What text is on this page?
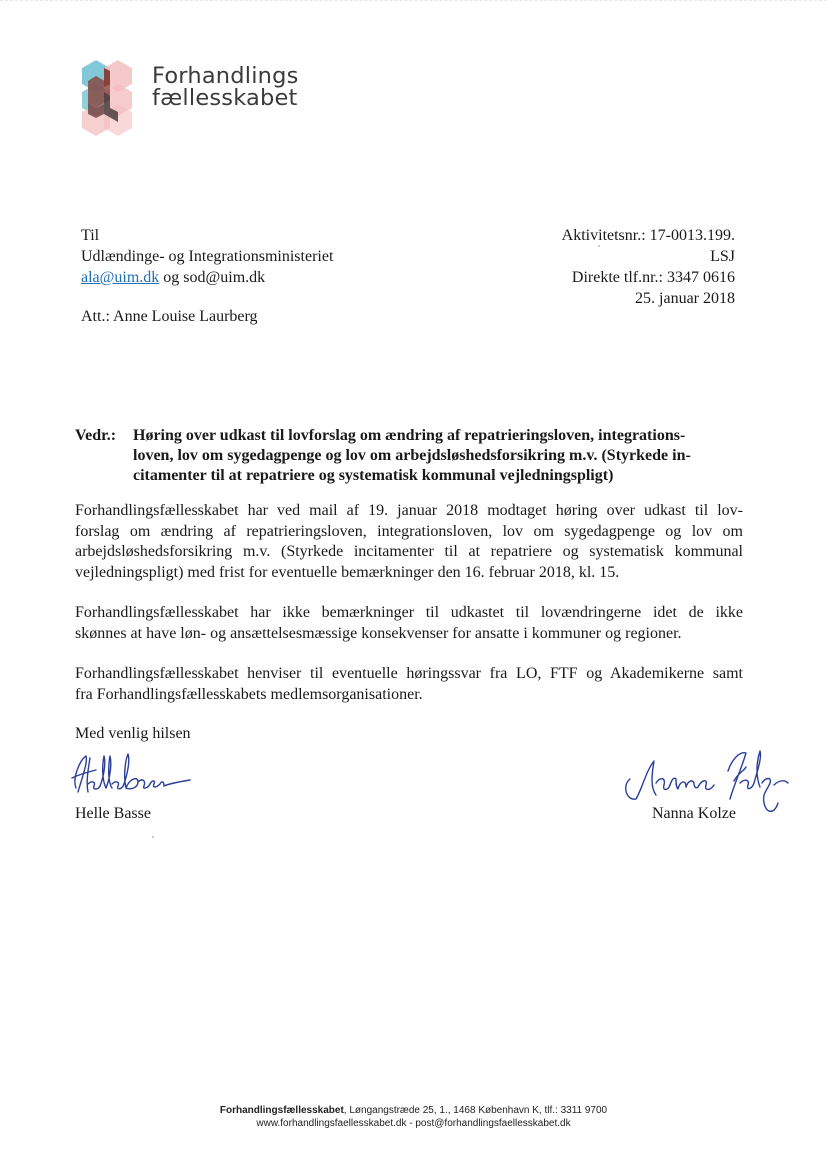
Forhandlings
fællesskabet
Til
Udlændinge- og Integrationsministeriet
ala@uim.dk og sod@uim.dk
Att.: Anne Louise Laurberg
Aktivitetsnr.: 17-0013.199.
LSJ
Direkte tlf.nr.: 3347 0616
25. januar 2018
Vedr.: Høring over udkast til lovforslag om ændring af repatrieringsloven, integrations-
loven, lov om sygedagpenge og lov om arbejdsløshedsforsikring m.v. (Styrkede in-
citamenter til at repatriere og systematisk kommunal vejledningspligt)
Forhandlingsfællesskabet har ved mail af 19. januar 2018 modtaget høring over udkast til lov-
forslag om ændring af repatrieringsloven, integrationsloven, lov om sygedagpenge og lov om
arbejdsløshedsforsikring m.v. (Styrkede incitamenter til at repatriere og systematisk kommunal
vejledningspligt) med frist for eventuelle bemærkninger den 16. februar 2018, kl. 15.
Forhandlingsfællesskabet har ikke bemærkninger til udkastet til lovændringerne idet de ikke
skønnes at have løn- og ansættelsesmæssige konsekvenser for ansatte i kommuner og regioner.
Forhandlingsfællesskabet henviser til eventuelle høringssvar fra LO, FTF og Akademikerne samt
fra Forhandlingsfællesskabets medlemsorganisationer.
Med venlig hilsen
Helle Basse	Nanna Kolze
Forhandlingsfællesskabet, Løngangstræde 25, 1., 1468 København K, tlf.: 3311 9700
www.forhandlingsfaellesskabet.dk - post@forhandlingsfaellesskabet.dk
